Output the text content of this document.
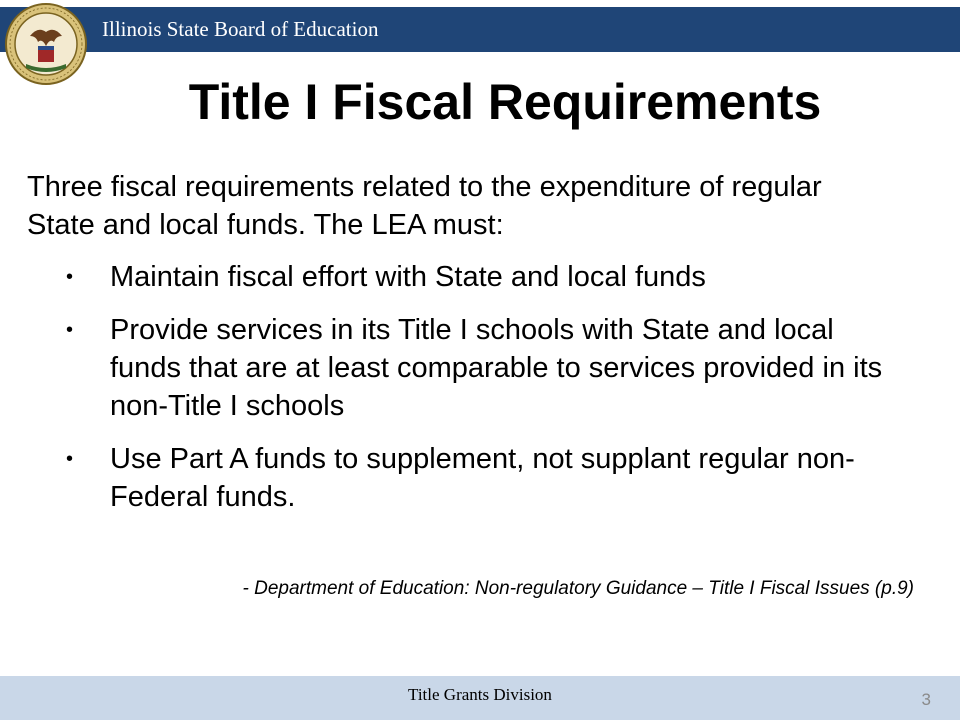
Illinois State Board of Education
Title I Fiscal Requirements
Three fiscal requirements related to the expenditure of regular State and local funds. The LEA must:
• Maintain fiscal effort with State and local funds
• Provide services in its Title I schools with State and local funds that are at least comparable to services provided in its non-Title I schools
• Use Part A funds to supplement, not supplant regular non-Federal funds.
- Department of Education: Non-regulatory Guidance – Title I Fiscal Issues (p.9)
Title Grants Division	3
